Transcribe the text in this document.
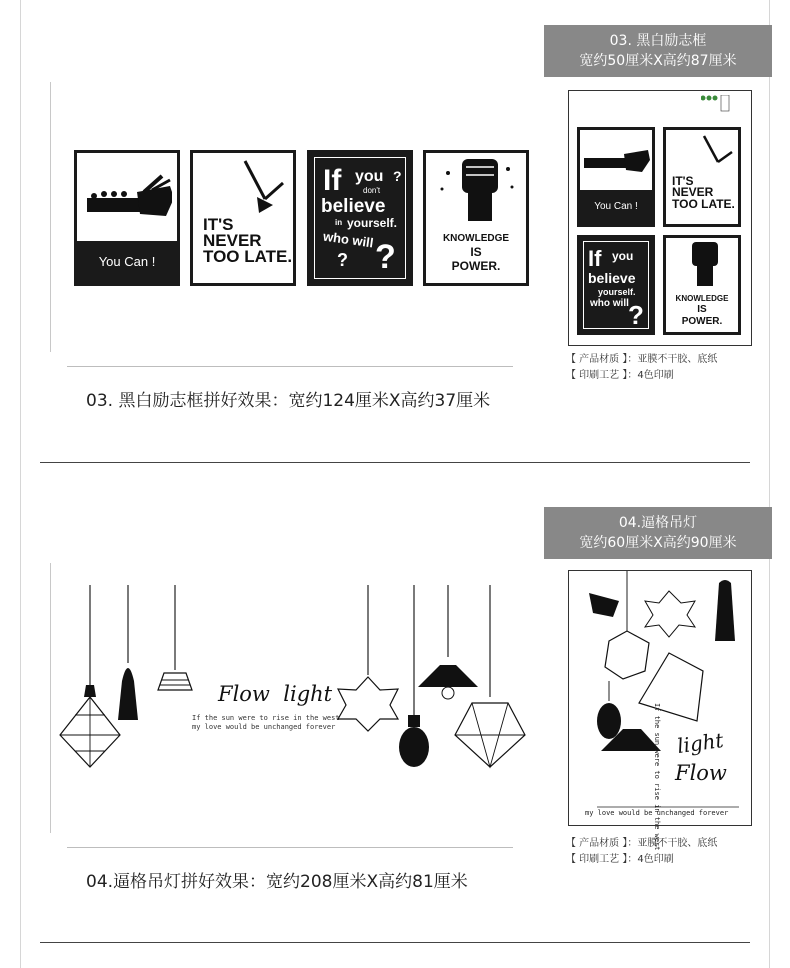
03. 黑白励志框
宽约50厘米X高约87厘米
You Can !
IT'S
NEVER
TOO LATE.
If you ?
don't
believe
in yourself.
who will
? ?	KNOWLEDGE
IS
POWER.
You Can !
IT'S
NEVER
TOO LATE.
If you
believe
yourself.
who will ?
KNOWLEDGE
IS
POWER.
【 产品材质 】：亚膜不干胶、底纸
【 印刷工艺 】：4色印刷
03. 黑白励志框拼好效果：宽约124厘米X高约37厘米
04.逼格吊灯
宽约60厘米X高约90厘米
Flow light
If the sun were to rise in the west
my love would be unchanged forever
light
Flow
If the sun were to rise in the west
my love would be unchanged forever
【 产品材质 】：亚膜不干胶、底纸
【 印刷工艺 】：4色印刷
04.逼格吊灯拼好效果：宽约208厘米X高约81厘米
